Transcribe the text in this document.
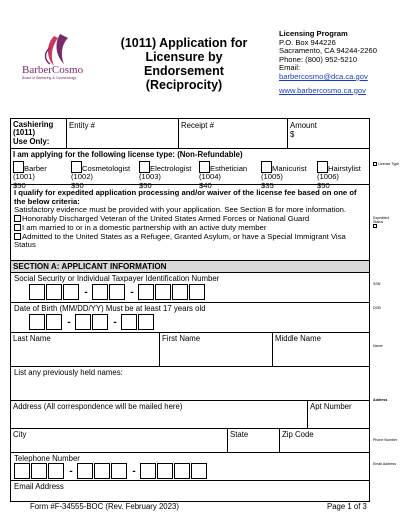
BarberCosmo
Board of Barbering & Cosmetology
(1011) Application for Licensure by Endorsement (Reciprocity)
Licensing Program
P.O. Box 944226
Sacramento, CA 94244-2260
Phone: (800) 952-5210
Email:
barbercosmo@dca.ca.gov
www.barbercosmo.ca.gov
Cashiering
(1011)
Use Only:
Entity #	Receipt #	Amount
$
I am applying for the following license type: (Non-Refundable)
Barber
(1001)
$50
Cosmetologist
(1002)
$50
Electrologist
(1003)
$50
Esthetician
(1004)
$40
Manicurist
(1005)
$35
Hairstylist
(1006)
$50
I qualify for expedited application processing and/or waiver of the license fee based on one of the below criteria:
Satisfactory evidence must be provided with your application. See Section B for more information.
Honorably Discharged Veteran of the United States Armed Forces or National Guard
I am married to or in a domestic partnership with an active duty member
Admitted to the United States as a Refugee, Granted Asylum, or have a Special Immigrant Visa Status
SECTION A: APPLICANT INFORMATION
Social Security or Individual Taxpayer Identification Number
-	-
Date of Birth (MM/DD/YY) Must be at least 17 years old
-	-
Last Name	First Name	Middle Name
List any previously held names:
Address (All correspondence will be mailed here)	Apt Number
City	State	Zip Code
Telephone Number
-	-
Email Address
License Type
Expedited Status

SSN
DOB
Name
Address
Phone Number
Email Address
Form #F-34555-BOC (Rev. February 2023)	Page 1 of 3
